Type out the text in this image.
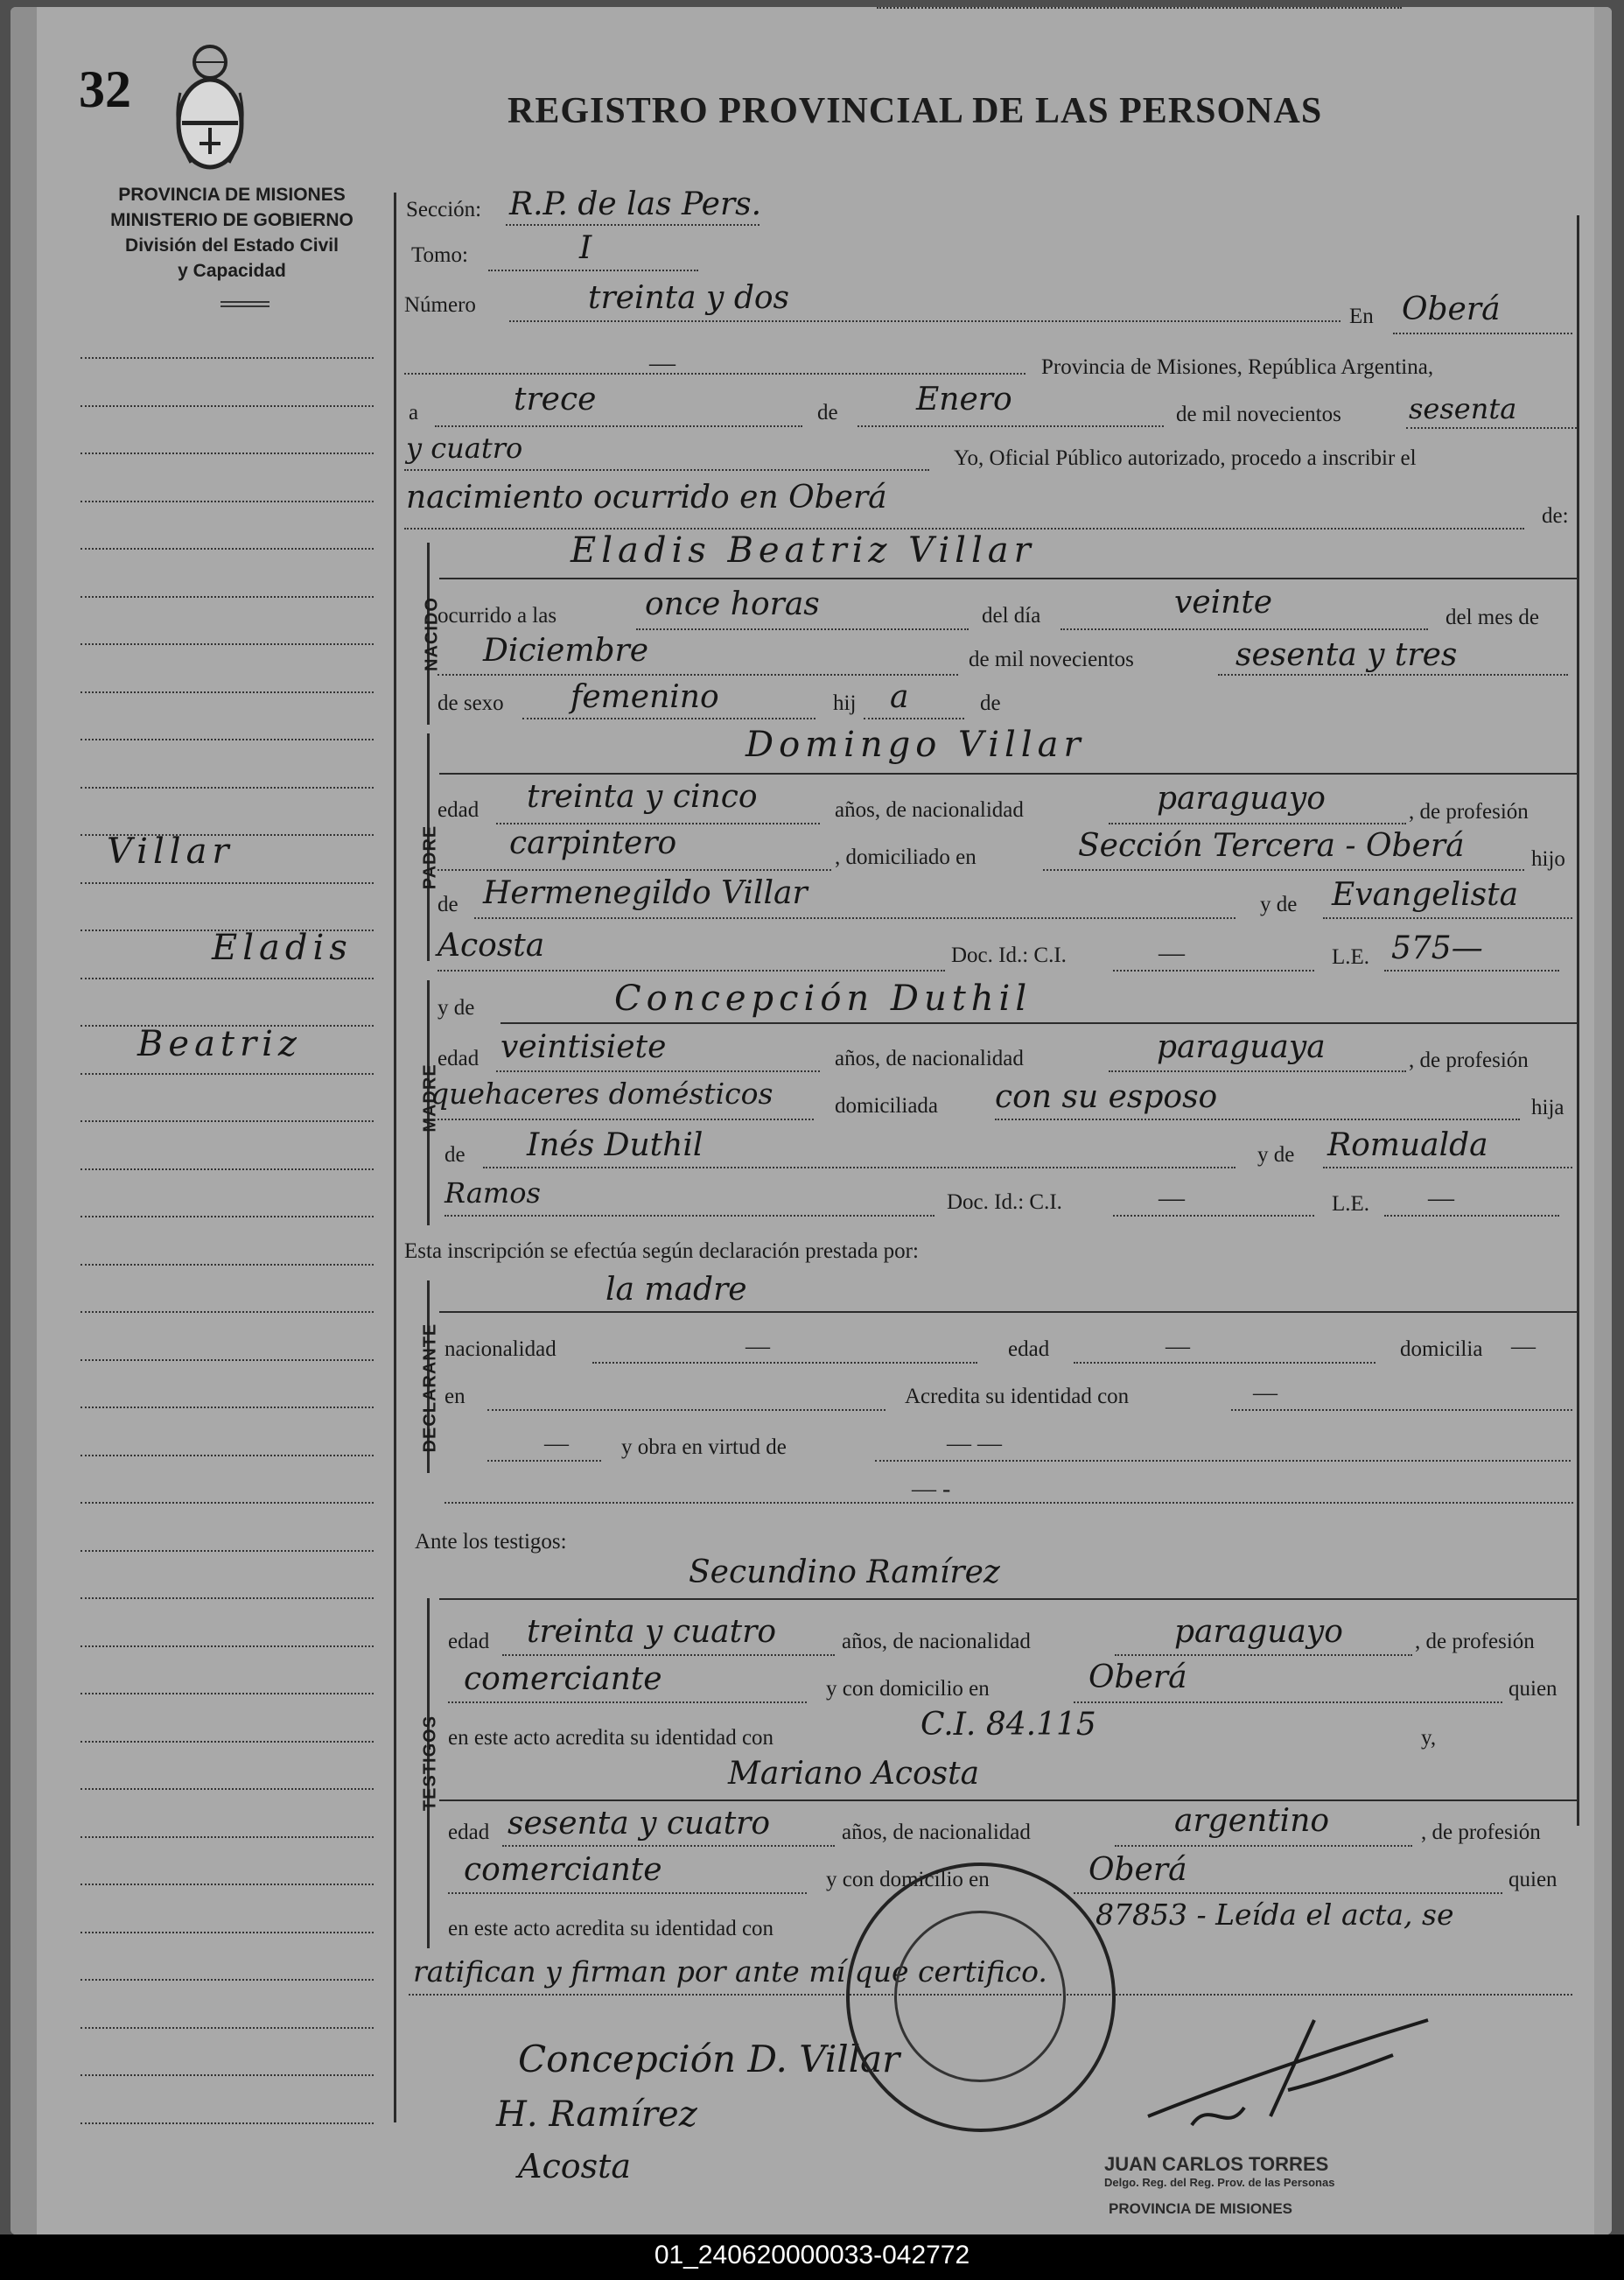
32	REGISTRO PROVINCIAL DE LAS PERSONAS
PROVINCIA DE MISIONES
MINISTERIO DE GOBIERNO
División del Estado Civil
y Capacidad
Villar
Eladis
Beatriz
Sección: R.P. de las Pers.
Tomo:	I
Número	treinta y dos
En Oberá
—	Provincia de Misiones, República Argentina,
a	trece	de Enero	de mil novecientos sesenta
y cuatro	Yo, Oficial Público autorizado, procedo a inscribir el
nacimiento ocurrido en Oberá
de:
NACIDO
Eladis Beatriz Villar
ocurrido a las	once horas	del día	veinte	del mes de
Diciembre	de mil novecientos	sesenta y tres
de sexo femenino	hij a	de
PADRE
Domingo Villar
edad treinta y cinco	años, de nacionalidad	paraguayo	, de profesión
carpintero	, domiciliado en	Sección Tercera - Oberá	hijo
de Hermenegildo Villar	y de Evangelista
Acosta	Doc. Id.: C.I.	—	L.E. 575—
MADRE
y de	Concepción Duthil
edad veintisiete	años, de nacionalidad	paraguaya	, de profesión
quehaceres domésticos	domiciliada con su esposo	hija
de Inés Duthil	y de Romualda
Ramos	Doc. Id.: C.I.	—	L.E. —
Esta inscripción se efectúa según declaración prestada por:
DECLARANTE
la madre
nacionalidad	—	edad	—	domicilia —
en	Acredita su identidad con	—
— y obra en virtud de	— —
— -
Ante los testigos:
TESTIGOS
Secundino Ramírez
edad treinta y cuatro	años, de nacionalidad	paraguayo	, de profesión
comerciante	y con domicilio en	Oberá	quien
en este acto acredita su identidad con	C.I. 84.115	y,
Mariano Acosta
edad sesenta y cuatro	años, de nacionalidad	argentino	, de profesión
comerciante	y con domicilio en	Oberá	quien
en este acto acredita su identidad con	87853 - Leída el acta, se
ratifican y firman por ante mí que certifico.
Concepción D. Villar
H. Ramírez
Acosta	JUAN CARLOS TORRES
Delgo. Reg. del Reg. Prov. de las Personas
PROVINCIA DE MISIONES
01_240620000033-042772
